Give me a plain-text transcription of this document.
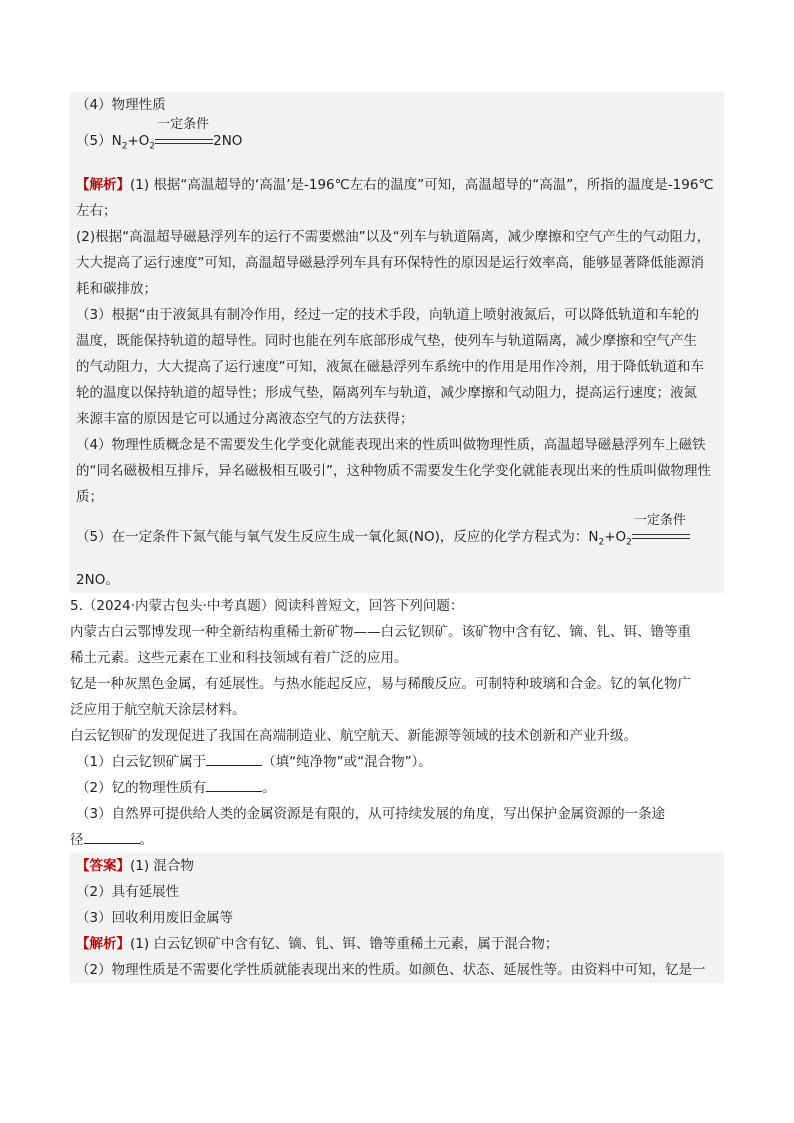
（4）物理性质
$(5)N_2+O_2$
一定条件
2NO
【解析】(1) 根据“高温超导的‘高温’是-196℃左右的温度”可知，高温超导的“高温”，所指的温度是-196℃
左右；
(2)根据“高温超导磁悬浮列车的运行不需要燃油”以及“列车与轨道隔离，减少摩擦和空气产生的气动阻力，
大大提高了运行速度”可知，高温超导磁悬浮列车具有环保特性的原因是运行效率高，能够显著降低能源消
耗和碳排放；
（3）根据“由于液氮具有制冷作用，经过一定的技术手段，向轨道上喷射液氮后，可以降低轨道和车轮的
温度，既能保持轨道的超导性。同时也能在列车底部形成气垫，使列车与轨道隔离，减少摩擦和空气产生
的气动阻力，大大提高了运行速度”可知，液氮在磁悬浮列车系统中的作用是用作冷剂，用于降低轨道和车
轮的温度以保持轨道的超导性；形成气垫，隔离列车与轨道，减少摩擦和气动阻力，提高运行速度；液氮
来源丰富的原因是它可以通过分离液态空气的方法获得；
（4）物理性质概念是不需要发生化学变化就能表现出来的性质叫做物理性质，高温超导磁悬浮列车上磁铁
的“同名磁极相互排斥，异名磁极相互吸引”，这种物质不需要发生化学变化就能表现出来的性质叫做物理性
质；
（5）在一定条件下氮气能与氧气发生反应生成一氧化氮(NO)，反应的化学方程式为：$N_2+O_2$
一定条件
2NO。
5.（2024·内蒙古包头·中考真题）阅读科普短文，回答下列问题：
内蒙古白云鄂博发现一种全新结构重稀土新矿物——白云钇钡矿。该矿物中含有钇、镝、钆、铒、镥等重
稀土元素。这些元素在工业和科技领域有着广泛的应用。
钇是一种灰黑色金属，有延展性。与热水能起反应，易与稀酸反应。可制特种玻璃和合金。钇的氧化物广
泛应用于航空航天涂层材料。
白云钇钡矿的发现促进了我国在高端制造业、航空航天、新能源等领域的技术创新和产业升级。
（1）白云钇钡矿属于	（填“纯净物”或“混合物”）。
（2）钇的物理性质有	。
（3）自然界可提供给人类的金属资源是有限的，从可持续发展的角度，写出保护金属资源的一条途
径	。
【答案】(1) 混合物
（2）具有延展性
（3）回收利用废旧金属等
【解析】(1) 白云钇钡矿中含有钇、镝、钆、铒、镥等重稀土元素，属于混合物；
（2）物理性质是不需要化学性质就能表现出来的性质。如颜色、状态、延展性等。由资料中可知，钇是一
